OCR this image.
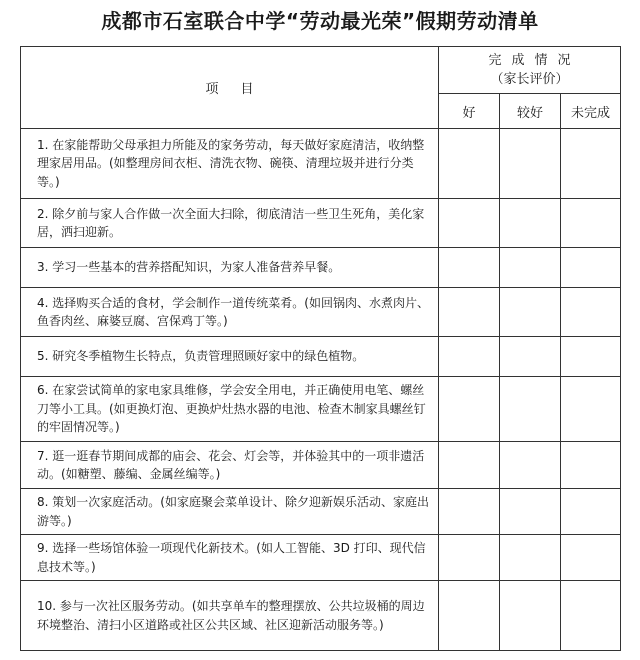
成都市石室联合中学“劳动最光荣”假期劳动清单
项目	完成情况
（家长评价）		

	好	较好	未完成
1. 在家能帮助父母承担力所能及的家务劳动，每天做好家庭清洁，收纳整理家居用品。(如整理房间衣柜、清洗衣物、碗筷、清理垃圾并进行分类等。)			
2. 除夕前与家人合作做一次全面大扫除，彻底清洁一些卫生死角，美化家居，洒扫迎新。			
3. 学习一些基本的营养搭配知识，为家人准备营养早餐。			
4. 选择购买合适的食材，学会制作一道传统菜肴。(如回锅肉、水煮肉片、鱼香肉丝、麻婆豆腐、宫保鸡丁等。)			
5. 研究冬季植物生长特点，负责管理照顾好家中的绿色植物。			
6. 在家尝试简单的家电家具维修，学会安全用电，并正确使用电笔、螺丝刀等小工具。(如更换灯泡、更换炉灶热水器的电池、检查木制家具螺丝钉的牢固情况等。)			
7. 逛一逛春节期间成都的庙会、花会、灯会等，并体验其中的一项非遗活动。(如糖塑、藤编、金属丝编等。)			
8. 策划一次家庭活动。(如家庭聚会菜单设计、除夕迎新娱乐活动、家庭出游等。)			
9. 选择一些场馆体验一项现代化新技术。(如人工智能、3D 打印、现代信息技术等。)			
10. 参与一次社区服务劳动。(如共享单车的整理摆放、公共垃圾桶的周边环境整治、清扫小区道路或社区公共区域、社区迎新活动服务等。)			
